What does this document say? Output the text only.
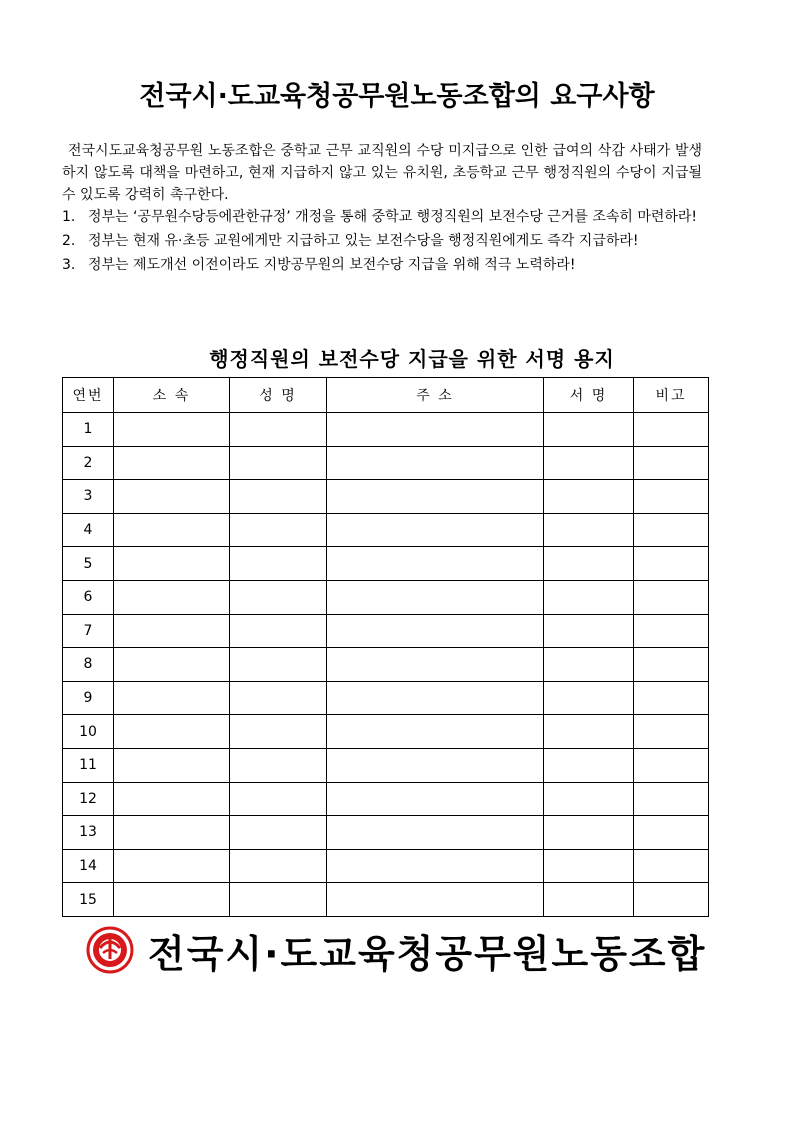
전국시·도교육청공무원노동조합의 요구사항

전국시도교육청공무원 노동조합은 중학교 근무 교직원의 수당 미지급으로 인한 급여의 삭감 사태가 발생하지 않도록 대책을 마련하고, 현재 지급하지 않고 있는 유치원, 초등학교 근무 행정직원의 수당이 지급될 수 있도록 강력히 촉구한다.

1. 정부는 ‘공무원수당등에관한규정’ 개정을 통해 중학교 행정직원의 보전수당 근거를 조속히 마련하라!
2. 정부는 현재 유·초등 교원에게만 지급하고 있는 보전수당을 행정직원에게도 즉각 지급하라!
3. 정부는 제도개선 이전이라도 지방공무원의 보전수당 지급을 위해 적극 노력하라!
행정직원의 보전수당 지급을 위한 서명 용지
연번	소 속	성 명	주 소	서 명	비고
1					
2					
3					
4					
5					
6					
7					
8					
9					
10					
11					
12					
13					
14					
15					
전국시·도교육청공무원노동조합
